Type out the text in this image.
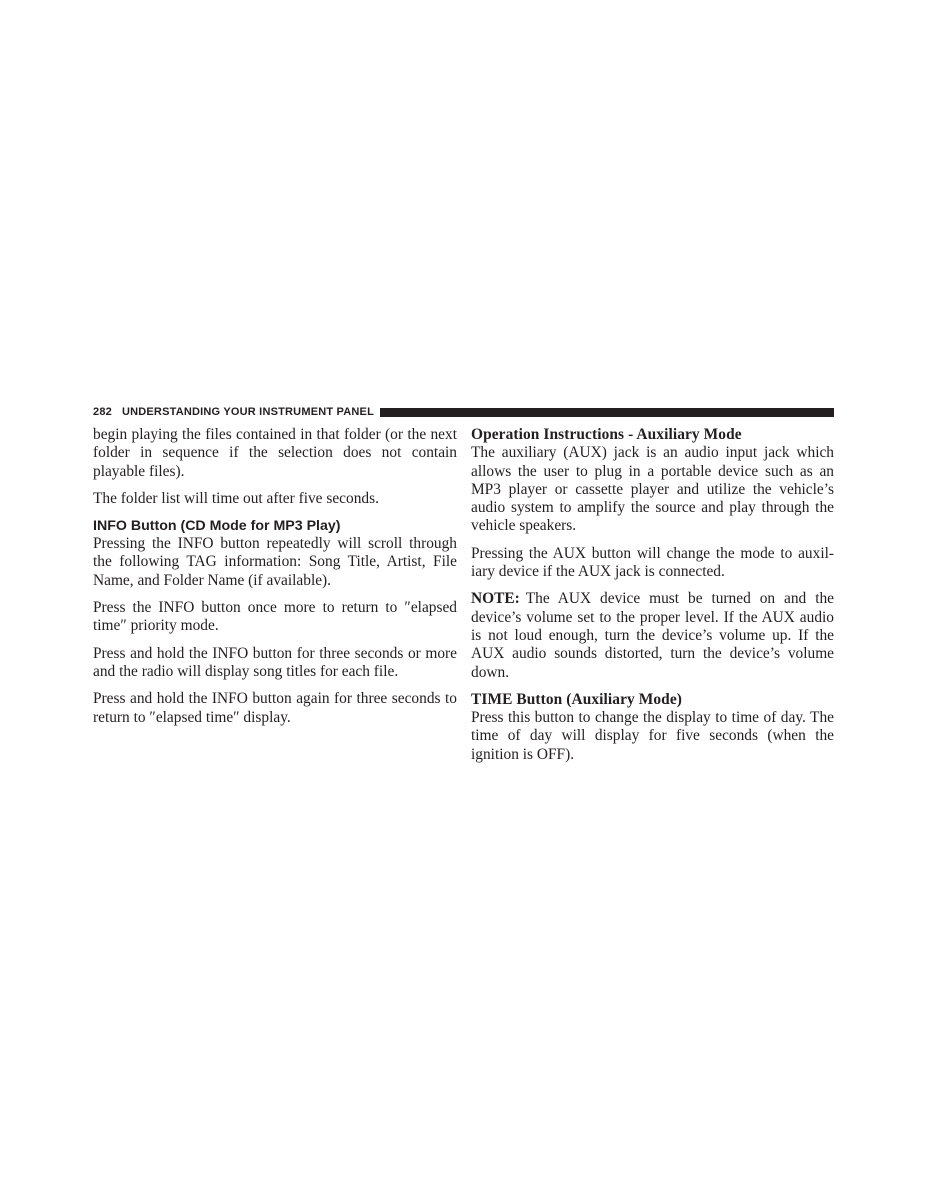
282 UNDERSTANDING YOUR INSTRUMENT PANEL

begin playing the files contained in that folder (or the next folder in sequence if the selection does not contain playable files).

The folder list will time out after five seconds.

INFO Button (CD Mode for MP3 Play)

Pressing the INFO button repeatedly will scroll through the following TAG information: Song Title, Artist, File Name, and Folder Name (if available).

Press the INFO button once more to return to ″elapsed time″ priority mode.

Press and hold the INFO button for three seconds or more and the radio will display song titles for each file.

Press and hold the INFO button again for three seconds to return to ″elapsed time″ display.

Operation Instructions - Auxiliary Mode

The auxiliary (AUX) jack is an audio input jack which allows the user to plug in a portable device such as an MP3 player or cassette player and utilize the vehicle’s audio system to amplify the source and play through the vehicle speakers.

Pressing the AUX button will change the mode to auxil-iary device if the AUX jack is connected.

NOTE: The AUX device must be turned on and the device’s volume set to the proper level. If the AUX audio is not loud enough, turn the device’s volume up. If the AUX audio sounds distorted, turn the device’s volume down.

TIME Button (Auxiliary Mode)

Press this button to change the display to time of day. The time of day will display for five seconds (when the ignition is OFF).
